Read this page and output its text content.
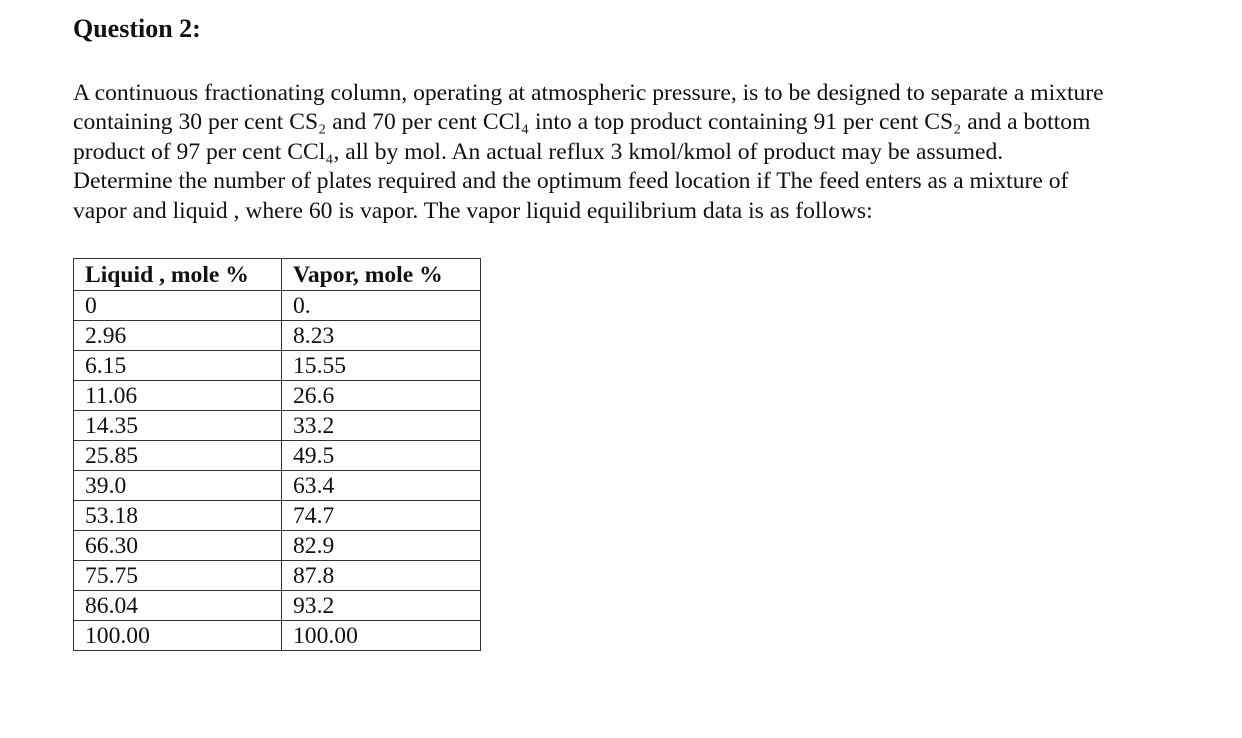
Question 2:

A continuous fractionating column, operating at atmospheric pressure, is to be designed to separate a mixture
containing 30 per cent CS₂ and 70 per cent CCl₄ into a top product containing 91 per cent CS₂ and a bottom
product of 97 per cent CCl₄, all by mol. An actual reflux 3 kmol/kmol of product may be assumed.
Determine the number of plates required and the optimum feed location if The feed enters as a mixture of
vapor and liquid , where 60 is vapor. The vapor liquid equilibrium data is as follows:

Liquid , mole %	Vapor, mole %
0	0.
2.96	8.23
6.15	15.55
11.06	26.6
14.35	33.2
25.85	49.5
39.0	63.4
53.18	74.7
66.30	82.9
75.75	87.8
86.04	93.2
100.00	100.00
